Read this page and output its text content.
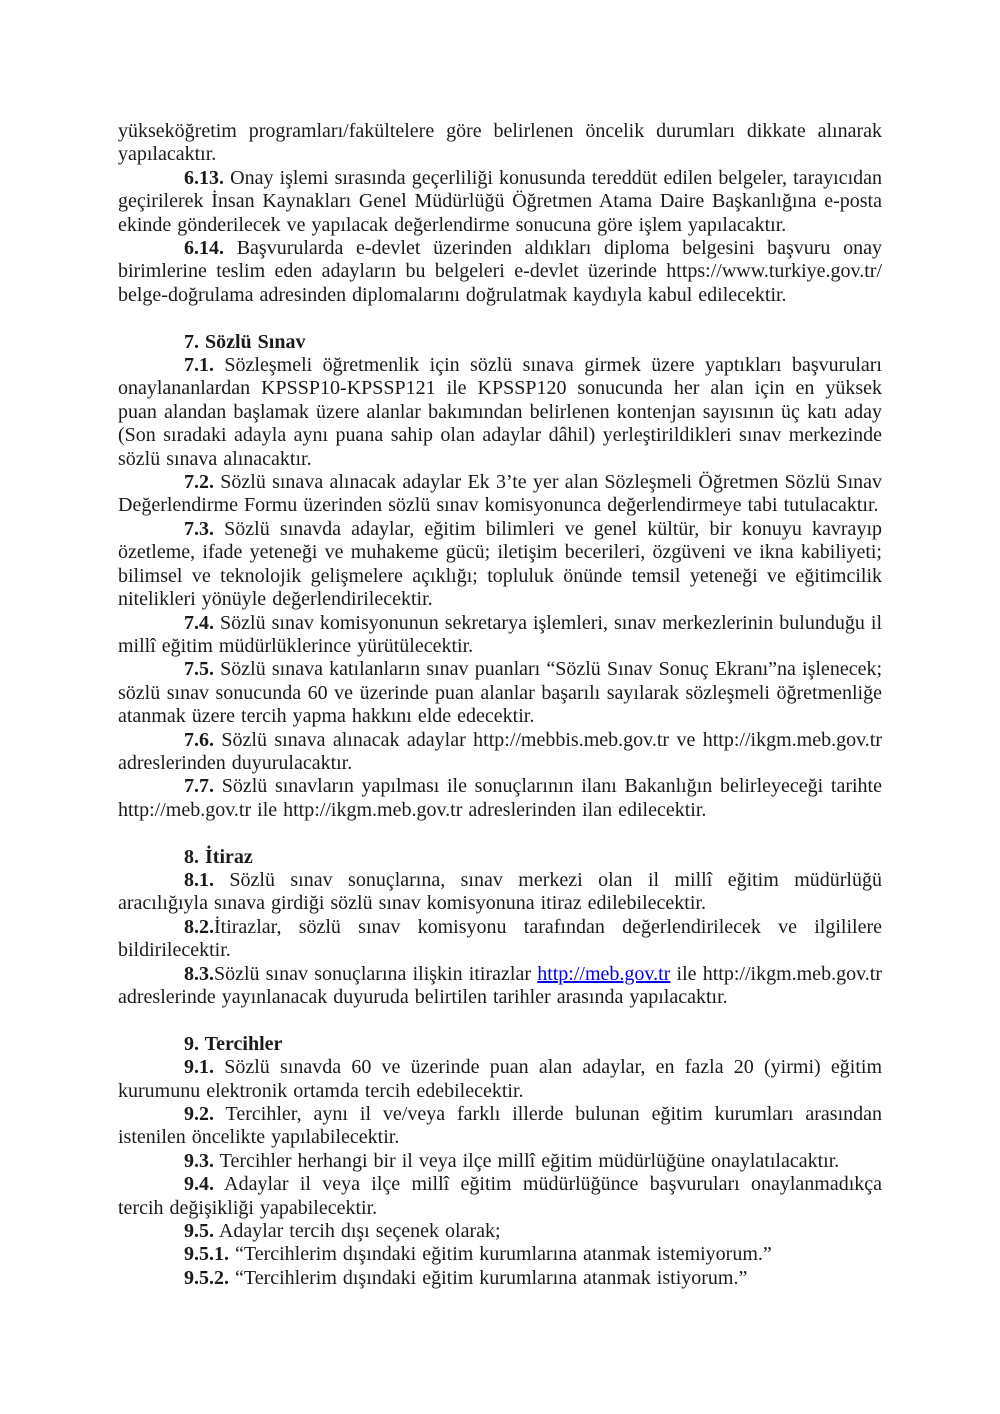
yükseköğretim programları/fakültelere göre belirlenen öncelik durumları dikkate alınarak yapılacaktır.

6.13. Onay işlemi sırasında geçerliliği konusunda tereddüt edilen belgeler, tarayıcıdan geçirilerek İnsan Kaynakları Genel Müdürlüğü Öğretmen Atama Daire Başkanlığına e-posta ekinde gönderilecek ve yapılacak değerlendirme sonucuna göre işlem yapılacaktır.

6.14. Başvurularda e-devlet üzerinden aldıkları diploma belgesini başvuru onay birimlerine teslim eden adayların bu belgeleri e-devlet üzerinde https://www.turkiye.gov.tr/ belge-doğrulama adresinden diplomalarını doğrulatmak kaydıyla kabul edilecektir.

7. Sözlü Sınav

7.1. Sözleşmeli öğretmenlik için sözlü sınava girmek üzere yaptıkları başvuruları onaylananlardan KPSSP10-KPSSP121 ile KPSSP120 sonucunda her alan için en yüksek puan alandan başlamak üzere alanlar bakımından belirlenen kontenjan sayısının üç katı aday (Son sıradaki adayla aynı puana sahip olan adaylar dâhil) yerleştirildikleri sınav merkezinde sözlü sınava alınacaktır.

7.2. Sözlü sınava alınacak adaylar Ek 3’te yer alan Sözleşmeli Öğretmen Sözlü Sınav Değerlendirme Formu üzerinden sözlü sınav komisyonunca değerlendirmeye tabi tutulacaktır.

7.3. Sözlü sınavda adaylar, eğitim bilimleri ve genel kültür, bir konuyu kavrayıp özetleme, ifade yeteneği ve muhakeme gücü; iletişim becerileri, özgüveni ve ikna kabiliyeti; bilimsel ve teknolojik gelişmelere açıklığı; topluluk önünde temsil yeteneği ve eğitimcilik nitelikleri yönüyle değerlendirilecektir.

7.4. Sözlü sınav komisyonunun sekretarya işlemleri, sınav merkezlerinin bulunduğu il millî eğitim müdürlüklerince yürütülecektir.

7.5. Sözlü sınava katılanların sınav puanları “Sözlü Sınav Sonuç Ekranı”na işlenecek; sözlü sınav sonucunda 60 ve üzerinde puan alanlar başarılı sayılarak sözleşmeli öğretmenliğe atanmak üzere tercih yapma hakkını elde edecektir.

7.6. Sözlü sınava alınacak adaylar http://mebbis.meb.gov.tr ve http://ikgm.meb.gov.tr adreslerinden duyurulacaktır.

7.7. Sözlü sınavların yapılması ile sonuçlarının ilanı Bakanlığın belirleyeceği tarihte http://meb.gov.tr ile http://ikgm.meb.gov.tr adreslerinden ilan edilecektir.

8. İtiraz

8.1. Sözlü sınav sonuçlarına, sınav merkezi olan il millî eğitim müdürlüğü aracılığıyla sınava girdiği sözlü sınav komisyonuna itiraz edilebilecektir.

8.2.İtirazlar, sözlü sınav komisyonu tarafından değerlendirilecek ve ilgililere bildirilecektir.

8.3.Sözlü sınav sonuçlarına ilişkin itirazlar http://meb.gov.tr ile http://ikgm.meb.gov.tr adreslerinde yayınlanacak duyuruda belirtilen tarihler arasında yapılacaktır.

9. Tercihler

9.1. Sözlü sınavda 60 ve üzerinde puan alan adaylar, en fazla 20 (yirmi) eğitim kurumunu elektronik ortamda tercih edebilecektir.

9.2. Tercihler, aynı il ve/veya farklı illerde bulunan eğitim kurumları arasından istenilen öncelikte yapılabilecektir.

9.3. Tercihler herhangi bir il veya ilçe millî eğitim müdürlüğüne onaylatılacaktır.

9.4. Adaylar il veya ilçe millî eğitim müdürlüğünce başvuruları onaylanmadıkça tercih değişikliği yapabilecektir.

9.5. Adaylar tercih dışı seçenek olarak;

9.5.1. “Tercihlerim dışındaki eğitim kurumlarına atanmak istemiyorum.”

9.5.2. “Tercihlerim dışındaki eğitim kurumlarına atanmak istiyorum.”
